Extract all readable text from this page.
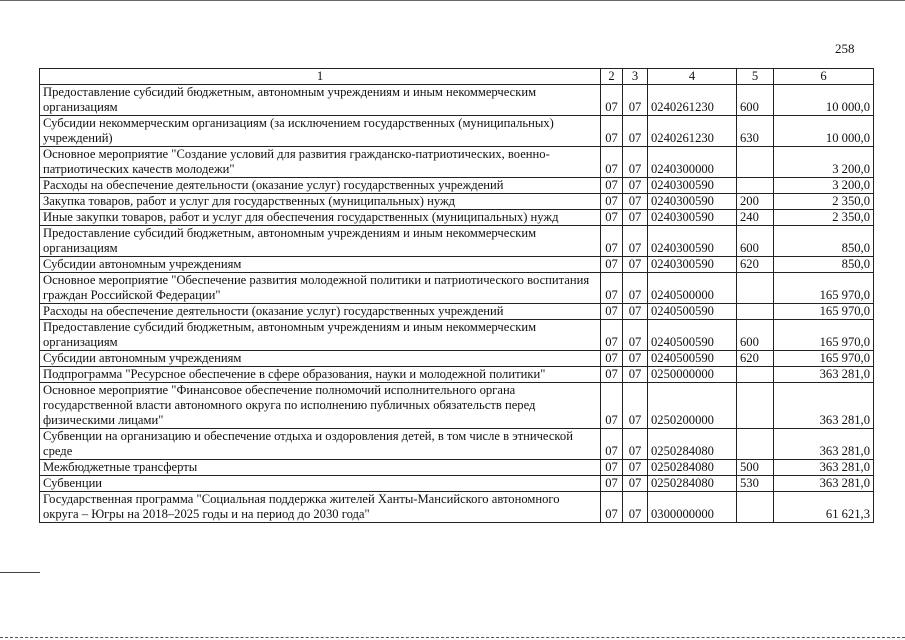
258
1	2	3	4	5	6
Предоставление субсидий бюджетным, автономным учреждениям и иным некоммерческим организациям	07	07	0240261230	600	10 000,0
Субсидии некоммерческим организациям (за исключением государственных (муниципальных) учреждений)	07	07	0240261230	630	10 000,0
Основное мероприятие "Создание условий для развития гражданско-патриотических, военно-патриотических качеств молодежи"	07	07	0240300000		3 200,0
Расходы на обеспечение деятельности (оказание услуг) государственных учреждений	07	07	0240300590		3 200,0
Закупка товаров, работ и услуг для государственных (муниципальных) нужд	07	07	0240300590	200	2 350,0
Иные закупки товаров, работ и услуг для обеспечения государственных (муниципальных) нужд	07	07	0240300590	240	2 350,0
Предоставление субсидий бюджетным, автономным учреждениям и иным некоммерческим организациям	07	07	0240300590	600	850,0
Субсидии автономным учреждениям	07	07	0240300590	620	850,0
Основное мероприятие "Обеспечение развития молодежной политики и патриотического воспитания граждан Российской Федерации"	07	07	0240500000		165 970,0
Расходы на обеспечение деятельности (оказание услуг) государственных учреждений	07	07	0240500590		165 970,0
Предоставление субсидий бюджетным, автономным учреждениям и иным некоммерческим организациям	07	07	0240500590	600	165 970,0
Субсидии автономным учреждениям	07	07	0240500590	620	165 970,0
Подпрограмма "Ресурсное обеспечение в сфере образования, науки и молодежной политики"	07	07	0250000000		363 281,0
Основное мероприятие "Финансовое обеспечение полномочий исполнительного органа государственной власти автономного округа по исполнению публичных обязательств перед физическими лицами"	07	07	0250200000		363 281,0
Субвенции на организацию и обеспечение отдыха и оздоровления детей, в том числе в этнической среде	07	07	0250284080		363 281,0
Межбюджетные трансферты	07	07	0250284080	500	363 281,0
Субвенции	07	07	0250284080	530	363 281,0
Государственная программа "Социальная поддержка жителей Ханты-Мансийского автономного округа – Югры на 2018–2025 годы и на период до 2030 года"	07	07	0300000000		61 621,3
